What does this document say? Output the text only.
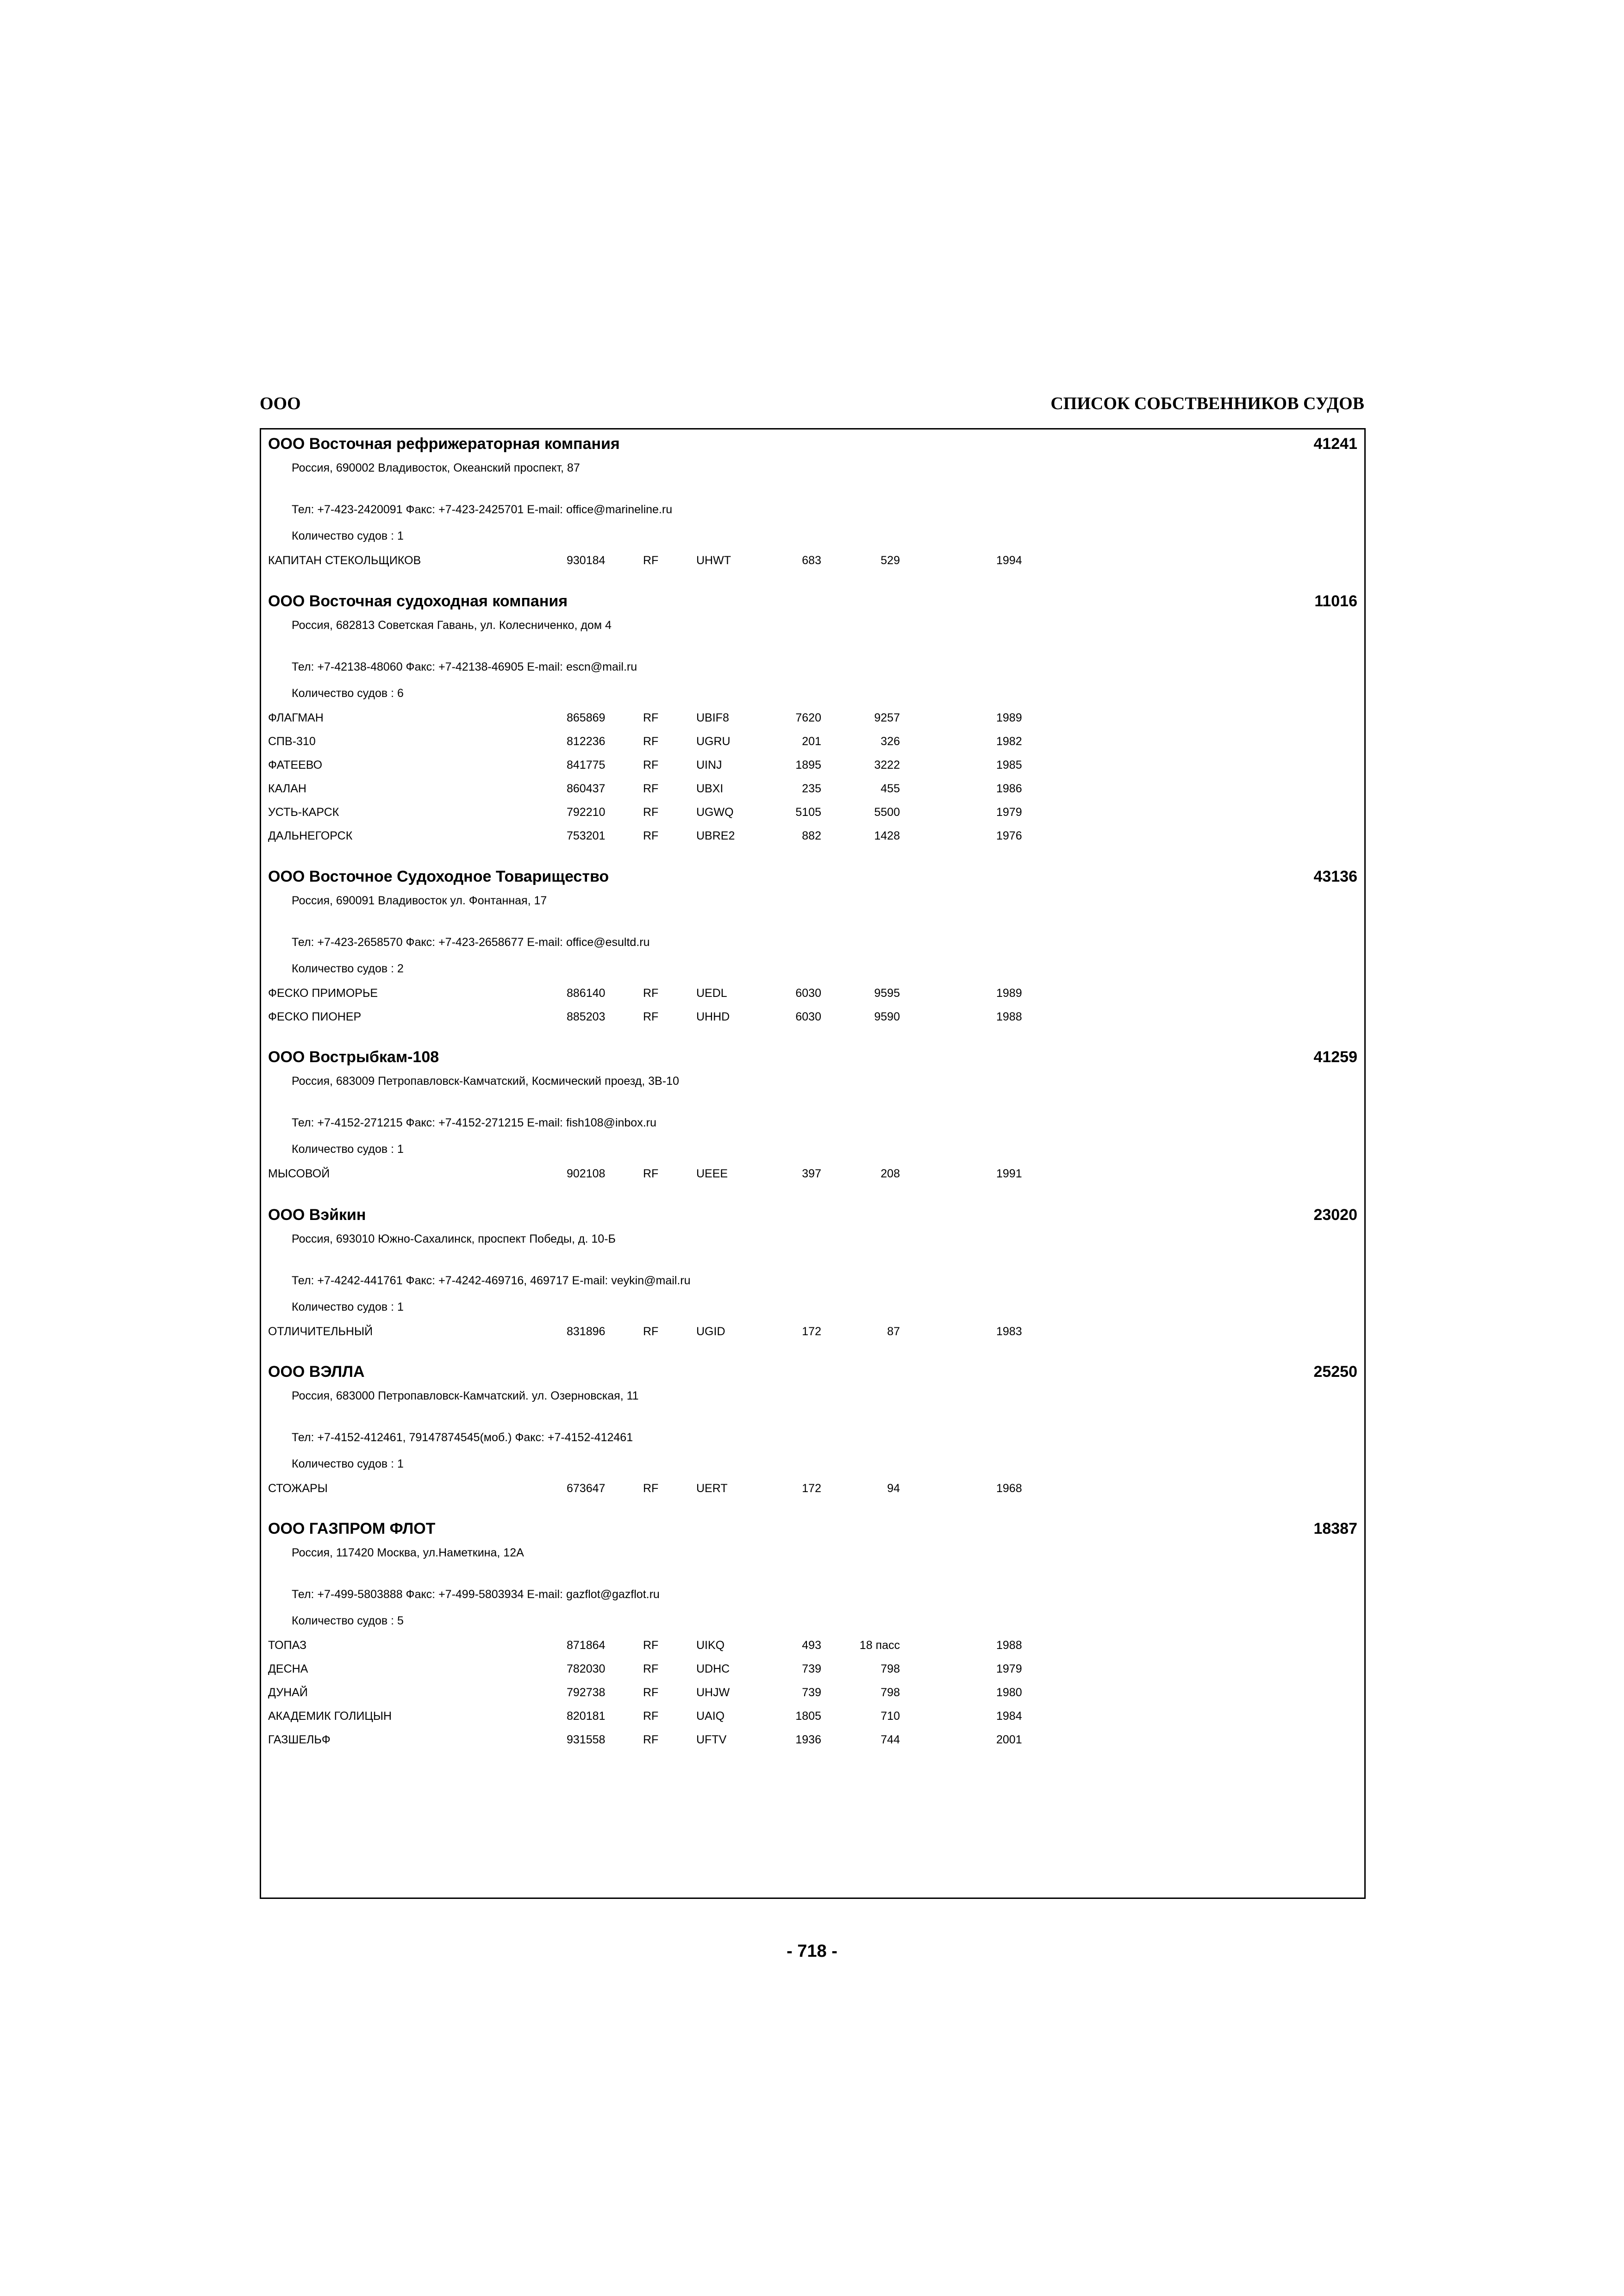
ООО	СПИСОК СОБСТВЕННИКОВ СУДОВ
ООО Восточная рефрижераторная компания	41241
Россия, 690002 Владивосток, Океанский проспект, 87
Тел: +7-423-2420091 Факс: +7-423-2425701 E-mail: office@marineline.ru
Количество судов : 1
КАПИТАН СТЕКОЛЬЩИКОВ	930184	RF	UHWT	683	529	1994
ООО Восточная судоходная компания	11016
Россия, 682813 Советская Гавань, ул. Колесниченко, дом 4
Тел: +7-42138-48060 Факс: +7-42138-46905 E-mail: escn@mail.ru
Количество судов : 6
ФЛАГМАН	865869	RF	UBIF8	7620	9257	1989
СПВ-310	812236	RF	UGRU	201	326	1982
ФАТЕЕВО	841775	RF	UINJ	1895	3222	1985
КАЛАН	860437	RF	UBXI	235	455	1986
УСТЬ-КАРСК	792210	RF	UGWQ	5105	5500	1979
ДАЛЬНЕГОРСК	753201	RF	UBRE2	882	1428	1976
ООО Восточное Судоходное Товарищество	43136
Россия, 690091 Владивосток ул. Фонтанная, 17
Тел: +7-423-2658570 Факс: +7-423-2658677 E-mail: office@esultd.ru
Количество судов : 2
ФЕСКО ПРИМОРЬЕ	886140	RF	UEDL	6030	9595	1989
ФЕСКО ПИОНЕР	885203	RF	UHHD	6030	9590	1988
ООО Вострыбкам-108	41259
Россия, 683009 Петропавловск-Камчатский, Космический проезд, 3В-10
Тел: +7-4152-271215 Факс: +7-4152-271215 E-mail: fish108@inbox.ru
Количество судов : 1
МЫСОВОЙ	902108	RF	UEEE	397	208	1991
ООО Вэйкин	23020
Россия, 693010 Южно-Сахалинск, проспект Победы, д. 10-Б
Тел: +7-4242-441761 Факс: +7-4242-469716, 469717 E-mail: veykin@mail.ru
Количество судов : 1
ОТЛИЧИТЕЛЬНЫЙ	831896	RF	UGID	172	87	1983
ООО ВЭЛЛА	25250
Россия, 683000 Петропавловск-Камчатский. ул. Озерновская, 11
Тел: +7-4152-412461, 79147874545(моб.) Факс: +7-4152-412461
Количество судов : 1
СТОЖАРЫ	673647	RF	UERT	172	94	1968
ООО ГАЗПРОМ ФЛОТ	18387
Россия, 117420 Москва, ул.Наметкина, 12А
Тел: +7-499-5803888 Факс: +7-499-5803934 E-mail: gazflot@gazflot.ru
Количество судов : 5
ТОПАЗ	871864	RF	UIKQ	493	18 пасс	1988
ДЕСНА	782030	RF	UDHC	739	798	1979
ДУНАЙ	792738	RF	UHJW	739	798	1980
АКАДЕМИК ГОЛИЦЫН	820181	RF	UAIQ	1805	710	1984
ГАЗШЕЛЬФ	931558	RF	UFTV	1936	744	2001
- 718 -
